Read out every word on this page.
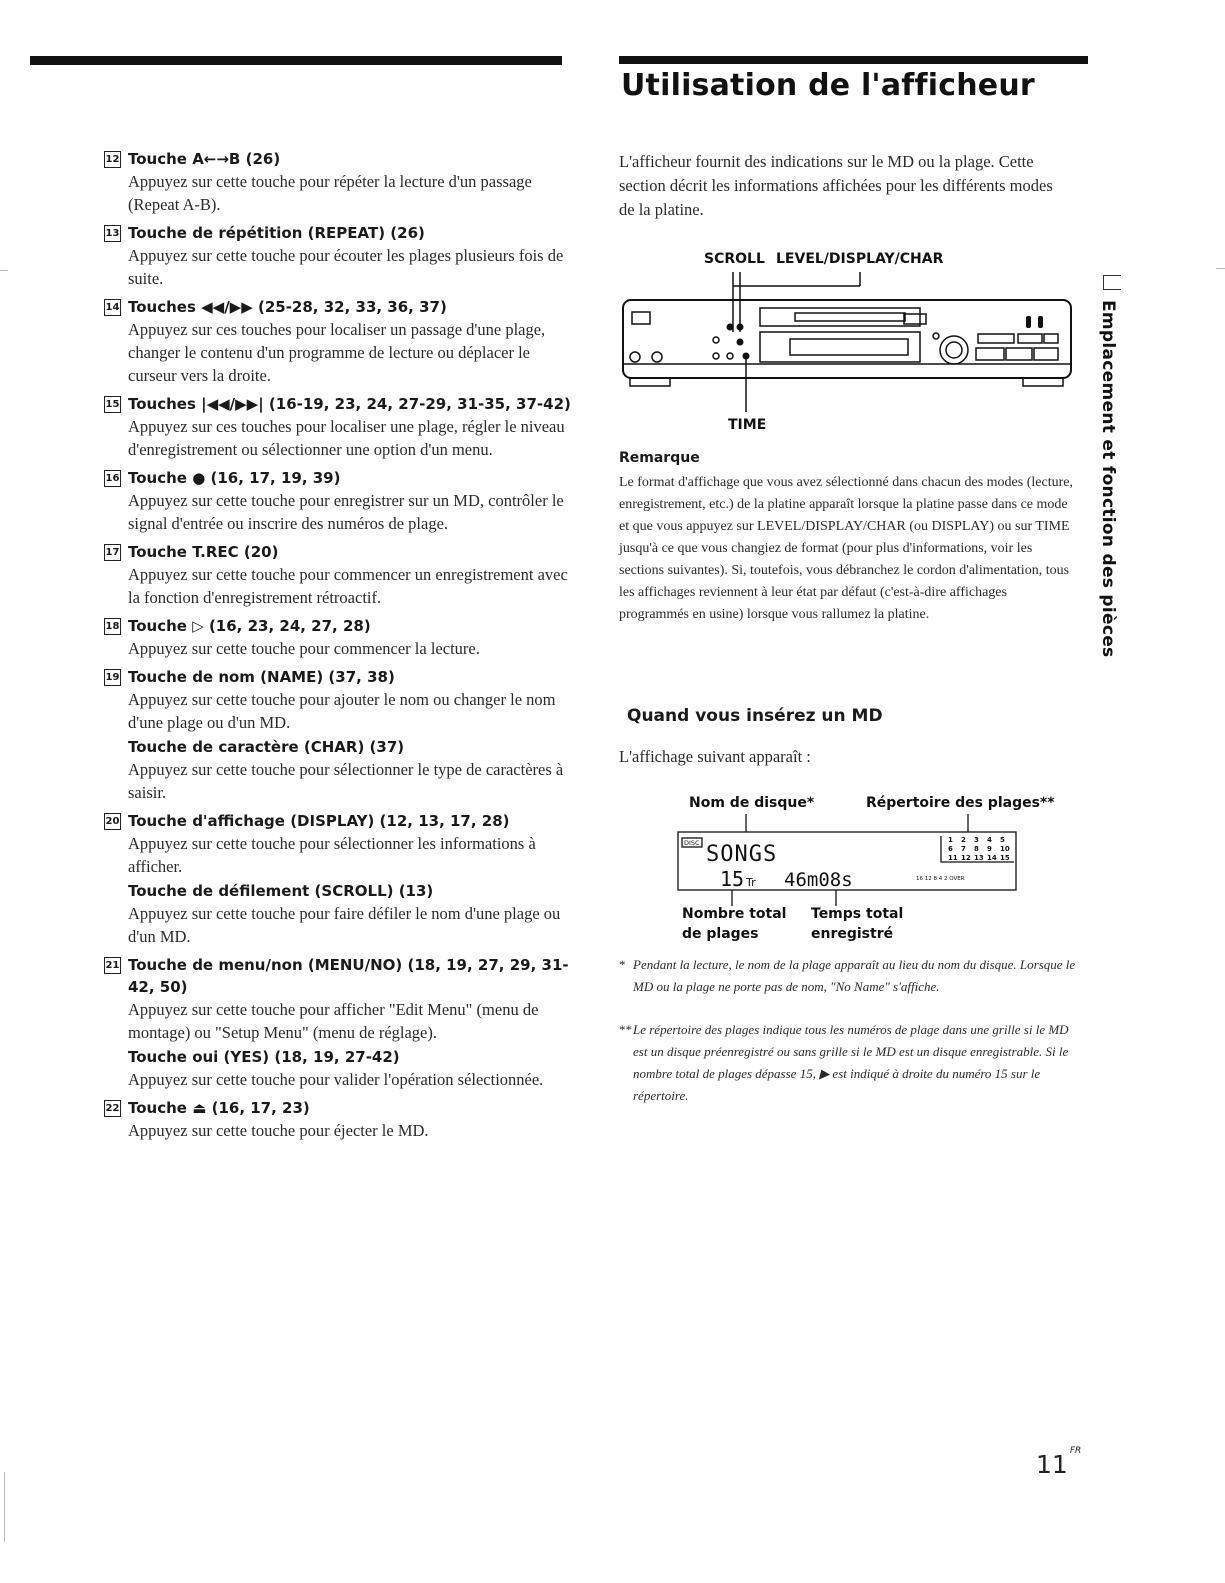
Utilisation de l'afficheur
12 Touche A←→B (26)
Appuyez sur cette touche pour répéter la lecture d'un passage (Repeat A-B).
13 Touche de répétition (REPEAT) (26)
Appuyez sur cette touche pour écouter les plages plusieurs fois de suite.
14 Touches ◀◀/▶▶ (25-28, 32, 33, 36, 37)
Appuyez sur ces touches pour localiser un passage d'une plage, changer le contenu d'un programme de lecture ou déplacer le curseur vers la droite.
15 Touches |◀◀/▶▶| (16-19, 23, 24, 27-29, 31-35, 37-42)
Appuyez sur ces touches pour localiser une plage, régler le niveau d'enregistrement ou sélectionner une option d'un menu.
16 Touche ● (16, 17, 19, 39)
Appuyez sur cette touche pour enregistrer sur un MD, contrôler le signal d'entrée ou inscrire des numéros de plage.
17 Touche T.REC (20)
Appuyez sur cette touche pour commencer un enregistrement avec la fonction d'enregistrement rétroactif.
18 Touche ▷ (16, 23, 24, 27, 28)
Appuyez sur cette touche pour commencer la lecture.
19 Touche de nom (NAME) (37, 38)
Appuyez sur cette touche pour ajouter le nom ou changer le nom d'une plage ou d'un MD.
Touche de caractère (CHAR) (37)
Appuyez sur cette touche pour sélectionner le type de caractères à saisir.
20 Touche d'affichage (DISPLAY) (12, 13, 17, 28)
Appuyez sur cette touche pour sélectionner les informations à afficher.
Touche de défilement (SCROLL) (13)
Appuyez sur cette touche pour faire défiler le nom d'une plage ou d'un MD.
21 Touche de menu/non (MENU/NO) (18, 19, 27, 29, 31-42, 50)
Appuyez sur cette touche pour afficher "Edit Menu" (menu de montage) ou "Setup Menu" (menu de réglage).
Touche oui (YES) (18, 19, 27-42)
Appuyez sur cette touche pour valider l'opération sélectionnée.
22 Touche ⏏ (16, 17, 23)
Appuyez sur cette touche pour éjecter le MD.

L'afficheur fournit des indications sur le MD ou la plage. Cette section décrit les informations affichées pour les différents modes de la platine.

SCROLL LEVEL/DISPLAY/CHAR
TIME
Remarque

Le format d'affichage que vous avez sélectionné dans chacun des modes (lecture, enregistrement, etc.) de la platine apparaît lorsque la platine passe dans ce mode et que vous appuyez sur LEVEL/DISPLAY/CHAR (ou DISPLAY) ou sur TIME jusqu'à ce que vous changiez de format (pour plus d'informations, voir les sections suivantes). Si, toutefois, vous débranchez le cordon d'alimentation, tous les affichages reviennent à leur état par défaut (c'est-à-dire affichages programmés en usine) lorsque vous rallumez la platine.

Quand vous insérez un MD

L'affichage suivant apparaît :

Nom de disque*	Répertoire des plages**
DISC SONGS
15 Tr 46m08s	16 12 8 4 2 OVER
1 2 3 4 5
6 7 8 9 10
11 12 13 14 15
Nombre total
de plages
Temps total
enregistré

* Pendant la lecture, le nom de la plage apparaît au lieu du nom du disque. Lorsque le MD ou la plage ne porte pas de nom, "No Name" s'affiche.

** Le répertoire des plages indique tous les numéros de plage dans une grille si le MD est un disque préenregistré ou sans grille si le MD est un disque enregistrable. Si le nombre total de plages dépasse 15, ▶ est indiqué à droite du numéro 15 sur le répertoire.

Emplacement et fonction des pièces
11 $^{FR}$
